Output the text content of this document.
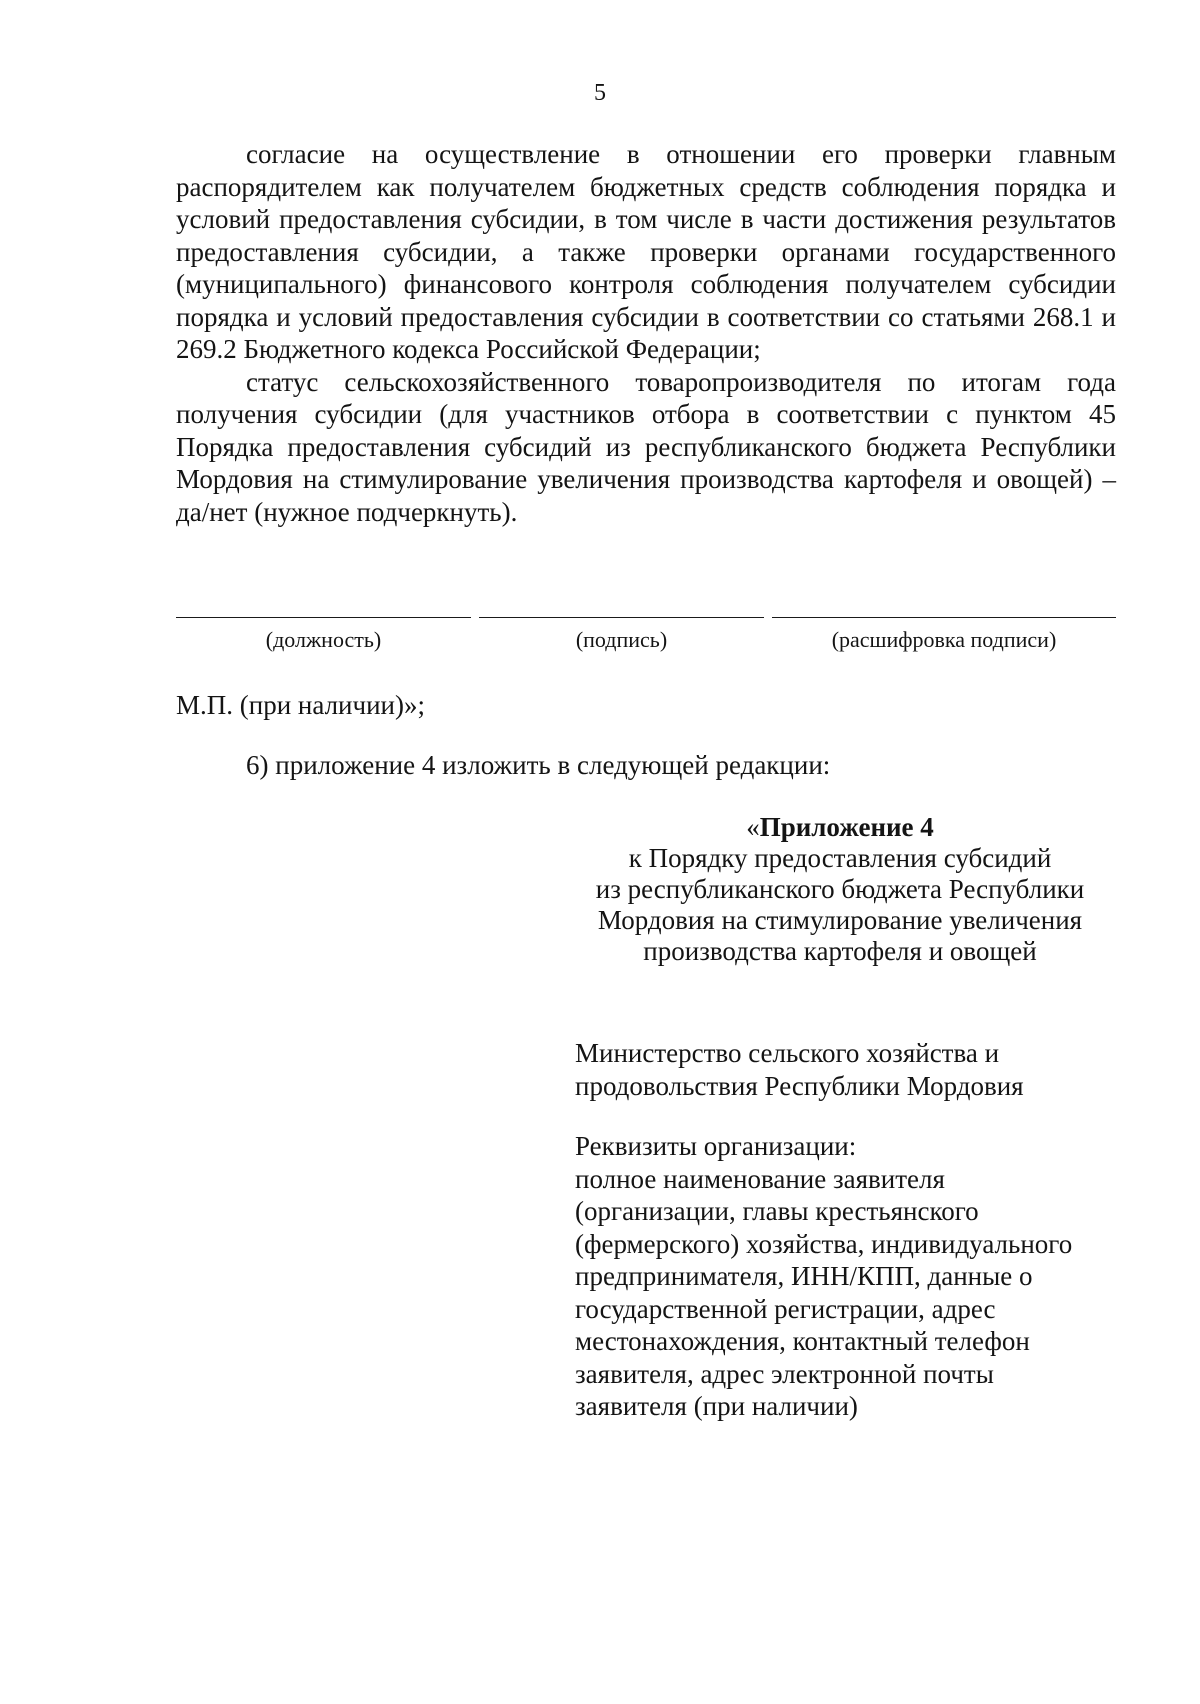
5

согласие на осуществление в отношении его проверки главным распорядителем как получателем бюджетных средств соблюдения порядка и условий предоставления субсидии, в том числе в части достижения результатов предоставления субсидии, а также проверки органами государственного (муниципального) финансового контроля соблюдения получателем субсидии порядка и условий предоставления субсидии в соответствии со статьями 268.1 и 269.2 Бюджетного кодекса Российской Федерации;

статус сельскохозяйственного товаропроизводителя по итогам года получения субсидии (для участников отбора в соответствии с пунктом 45 Порядка предоставления субсидий из республиканского бюджета Республики Мордовия на стимулирование увеличения производства картофеля и овощей) – да/нет (нужное подчеркнуть).

(должность)	(подпись)	(расшифровка подписи)
М.П. (при наличии)»;
6) приложение 4 изложить в следующей редакции:
«Приложение 4
к Порядку предоставления субсидий
из республиканского бюджета Республики
Мордовия на стимулирование увеличения
производства картофеля и овощей
Министерство сельского хозяйства и
продовольствия Республики Мордовия
Реквизиты организации:
полное наименование заявителя
(организации, главы крестьянского
(фермерского) хозяйства, индивидуального
предпринимателя, ИНН/КПП, данные о
государственной регистрации, адрес
местонахождения, контактный телефон
заявителя, адрес электронной почты
заявителя (при наличии)
